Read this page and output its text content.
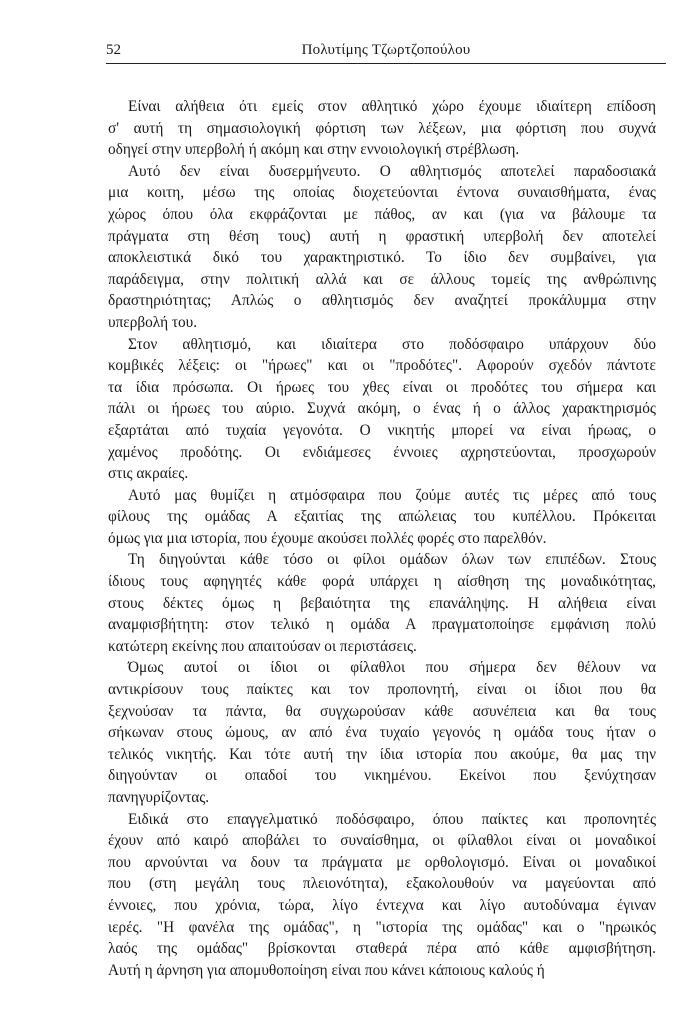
52	Πολυτίμης Τζωρτζοπούλου
Είναι αλήθεια ότι εμείς στον αθλητικό χώρο έχουμε ιδιαίτερη επίδοση
σ' αυτή τη σημασιολογική φόρτιση των λέξεων, μια φόρτιση που συχνά
οδηγεί στην υπερβολή ή ακόμη και στην εννοιολογική στρέβλωση.
Αυτό δεν είναι δυσερμήνευτο. Ο αθλητισμός αποτελεί παραδοσιακά
μια κοιτη, μέσω της οποίας διοχετεύονται έντονα συναισθήματα, ένας
χώρος όπου όλα εκφράζονται με πάθος, αν και (για να βάλουμε τα
πράγματα στη θέση τους) αυτή η φραστική υπερβολή δεν αποτελεί
αποκλειστικά δικό του χαρακτηριστικό. Το ίδιο δεν συμβαίνει, για
παράδειγμα, στην πολιτική αλλά και σε άλλους τομείς της ανθρώπινης
δραστηριότητας; Απλώς ο αθλητισμός δεν αναζητεί προκάλυμμα στην
υπερβολή του.
Στον αθλητισμό, και ιδιαίτερα στο ποδόσφαιρο υπάρχουν δύο
κομβικές λέξεις: οι "ήρωες" και οι "προδότες". Αφορούν σχεδόν πάντοτε
τα ίδια πρόσωπα. Οι ήρωες του χθες είναι οι προδότες του σήμερα και
πάλι οι ήρωες του αύριο. Συχνά ακόμη, ο ένας ή ο άλλος χαρακτηρισμός
εξαρτάται από τυχαία γεγονότα. Ο νικητής μπορεί να είναι ήρωας, ο
χαμένος προδότης. Οι ενδιάμεσες έννοιες αχρηστεύονται, προσχωρούν
στις ακραίες.
Αυτό μας θυμίζει η ατμόσφαιρα που ζούμε αυτές τις μέρες από τους
φίλους της ομάδας Α εξαιτίας της απώλειας του κυπέλλου. Πρόκειται
όμως για μια ιστορία, που έχουμε ακούσει πολλές φορές στο παρελθόν.
Τη διηγούνται κάθε τόσο οι φίλοι ομάδων όλων των επιπέδων. Στους
ίδιους τους αφηγητές κάθε φορά υπάρχει η αίσθηση της μοναδικότητας,
στους δέκτες όμως η βεβαιότητα της επανάληψης. Η αλήθεια είναι
αναμφισβήτητη: στον τελικό η ομάδα Α πραγματοποίησε εμφάνιση πολύ
κατώτερη εκείνης που απαιτούσαν οι περιστάσεις.
Όμως αυτοί οι ίδιοι οι φίλαθλοι που σήμερα δεν θέλουν να
αντικρίσουν τους παίκτες και τον προπονητή, είναι οι ίδιοι που θα
ξεχνούσαν τα πάντα, θα συγχωρούσαν κάθε ασυνέπεια και θα τους
σήκωναν στους ώμους, αν από ένα τυχαίο γεγονός η ομάδα τους ήταν ο
τελικός νικητής. Και τότε αυτή την ίδια ιστορία που ακούμε, θα μας την
διηγούνταν οι οπαδοί του νικημένου. Εκείνοι που ξενύχτησαν
πανηγυρίζοντας.
Ειδικά στο επαγγελματικό ποδόσφαιρο, όπου παίκτες και προπονητές
έχουν από καιρό αποβάλει το συναίσθημα, οι φίλαθλοι είναι οι μοναδικοί
που αρνούνται να δουν τα πράγματα με ορθολογισμό. Είναι οι μοναδικοί
που (στη μεγάλη τους πλειονότητα), εξακολουθούν να μαγεύονται από
έννοιες, που χρόνια, τώρα, λίγο έντεχνα και λίγο αυτοδύναμα έγιναν
ιερές. "Η φανέλα της ομάδας", η "ιστορία της ομάδας" και ο "ηρωικός
λαός της ομάδας" βρίσκονται σταθερά πέρα από κάθε αμφισβήτηση.
Αυτή η άρνηση για απομυθοποίηση είναι που κάνει κάποιους καλούς ή
